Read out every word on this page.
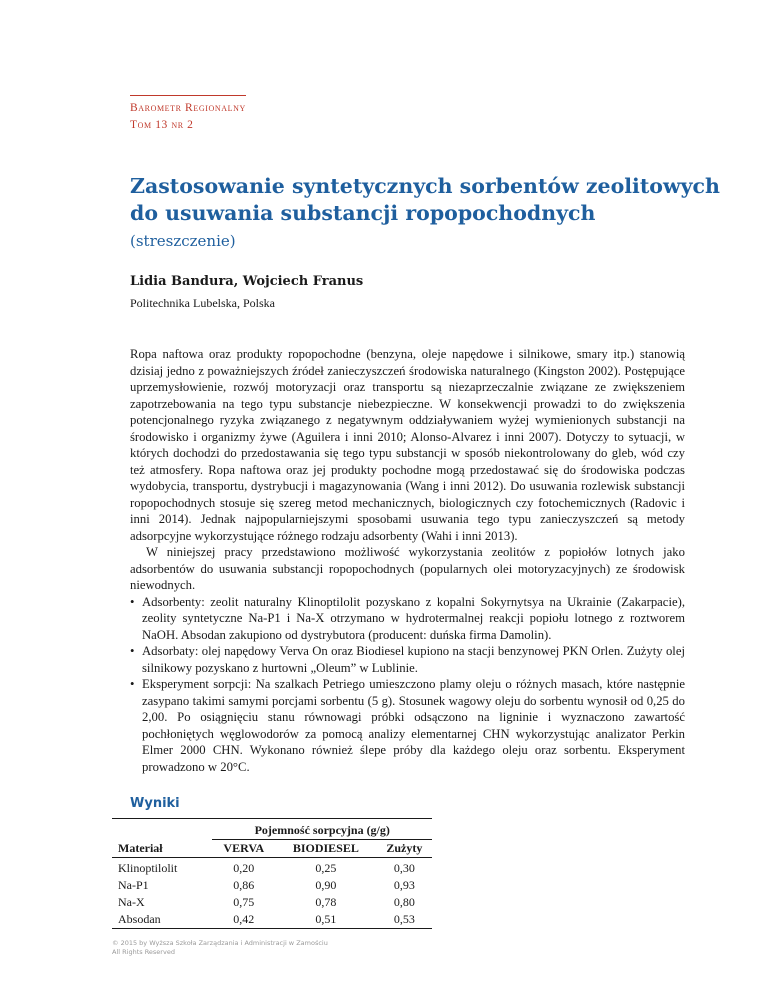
Barometr Regionalny
Tom 13 nr 2
Zastosowanie syntetycznych sorbentów zeolitowych do usuwania substancji ropopochodnych
(streszczenie)
Lidia Bandura, Wojciech Franus
Politechnika Lubelska, Polska

Ropa naftowa oraz produkty ropopochodne (benzyna, oleje napędowe i silnikowe, smary itp.) stanowią dzisiaj jedno z poważniejszych źródeł zanieczyszczeń środowiska naturalnego (Kingston 2002). Postępujące uprzemysłowienie, rozwój motoryzacji oraz transportu są niezaprzeczalnie związane ze zwiększeniem zapotrzebowania na tego typu substancje niebezpieczne. W konsekwencji prowadzi to do zwiększenia potencjonalnego ryzyka związanego z negatywnym oddziaływaniem wyżej wymienionych substancji na środowisko i organizmy żywe (Aguilera i inni 2010; Alonso-Alvarez i inni 2007). Dotyczy to sytuacji, w których dochodzi do przedostawania się tego typu substancji w sposób niekontrolowany do gleb, wód czy też atmosfery. Ropa naftowa oraz jej produkty pochodne mogą przedostawać się do środowiska podczas wydobycia, transportu, dystrybucji i magazynowania (Wang i inni 2012). Do usuwania rozlewisk substancji ropopochodnych stosuje się szereg metod mechanicznych, biologicznych czy fotochemicznych (Radovic i inni 2014). Jednak najpopularniejszymi sposobami usuwania tego typu zanieczyszczeń są metody adsorpcyjne wykorzystujące różnego rodzaju adsorbenty (Wahi i inni 2013).

W niniejszej pracy przedstawiono możliwość wykorzystania zeolitów z popiołów lotnych jako adsorbentów do usuwania substancji ropopochodnych (popularnych olei motoryzacyjnych) ze środowisk niewodnych.

• Adsorbenty: zeolit naturalny Klinoptilolit pozyskano z kopalni Sokyrnytsya na Ukrainie (Zakarpacie), zeolity syntetyczne Na-P1 i Na-X otrzymano w hydrotermalnej reakcji popiołu lotnego z roztworem NaOH. Absodan zakupiono od dystrybutora (producent: duńska firma Damolin).
• Adsorbaty: olej napędowy Verva On oraz Biodiesel kupiono na stacji benzynowej PKN Orlen. Zużyty olej silnikowy pozyskano z hurtowni „Oleum” w Lublinie.
• Eksperyment sorpcji: Na szalkach Petriego umieszczono plamy oleju o różnych masach, które następnie zasypano takimi samymi porcjami sorbentu (5 g). Stosunek wagowy oleju do sorbentu wynosił od 0,25 do 2,00. Po osiągnięciu stanu równowagi próbki odsączono na ligninie i wyznaczono zawartość pochłoniętych węglowodorów za pomocą analizy elementarnej CHN wykorzystując analizator Perkin Elmer 2000 CHN. Wykonano również ślepe próby dla każdego oleju oraz sorbentu. Eksperyment prowadzono w 20°C.
Wyniki

	Pojemność sorpcyjna (g/g)		
Materiał	VERVA	BIODIESEL	Zużyty

Klinoptilolit	0,20	0,25	0,30
Na-P1	0,86	0,90	0,93
Na-X	0,75	0,78	0,80
Absodan	0,42	0,51	0,53

© 2015 by Wyższa Szkoła Zarządzania i Administracji w Zamościu
All Rights Reserved
